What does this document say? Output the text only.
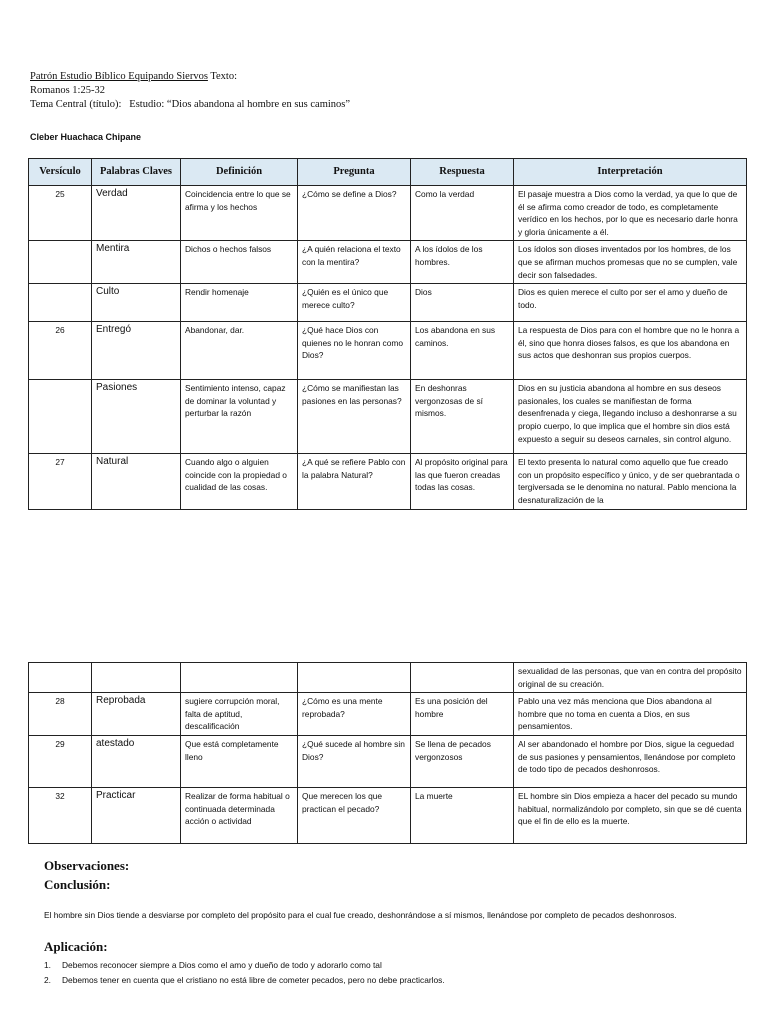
Patrón Estudio Bíblico Equipando Siervos Texto:
Romanos 1:25-32
Tema Central (título): Estudio: “Dios abandona al hombre en sus caminos”
Cleber Huachaca Chipane
Versículo	Palabras Claves	Definición	Pregunta	Respuesta	Interpretación
25	Verdad	Coincidencia entre lo que se afirma y los hechos	¿Cómo se define a Dios?	Como la verdad	El pasaje muestra a Dios como la verdad, ya que lo que de él se afirma como creador de todo, es completamente verídico en los hechos, por lo que es necesario darle honra y gloria únicamente a él.
	Mentira	Dichos o hechos falsos	¿A quién relaciona el texto con la mentira?	A los ídolos de los hombres.	Los ídolos son dioses inventados por los hombres, de los que se afirman muchos promesas que no se cumplen, vale decir son falsedades.
	Culto	Rendir homenaje	¿Quién es el único que merece culto?	Dios	Dios es quien merece el culto por ser el amo y dueño de todo.
26	Entregó	Abandonar, dar.	¿Qué hace Dios con quienes no le honran como Dios?	Los abandona en sus caminos.	La respuesta de Dios para con el hombre que no le honra a él, sino que honra dioses falsos, es que los abandona en sus actos que deshonran sus propios cuerpos.
	Pasiones	Sentimiento intenso, capaz de dominar la voluntad y perturbar la razón	¿Cómo se manifiestan las pasiones en las personas?	En deshonras vergonzosas de sí mismos.	Dios en su justicia abandona al hombre en sus deseos pasionales, los cuales se manifiestan de forma desenfrenada y ciega, llegando incluso a deshonrarse a su propio cuerpo, lo que implica que el hombre sin dios está expuesto a seguir su deseos carnales, sin control alguno.
27	Natural	Cuando algo o alguien coincide con la propiedad o cualidad de las cosas.	¿A qué se refiere Pablo con la palabra Natural?	Al propósito original para las que fueron creadas todas las cosas.	El texto presenta lo natural como aquello que fue creado con un propósito específico y único, y de ser quebrantada o tergiversada se le denomina no natural. Pablo menciona la desnaturalización de la
					sexualidad de las personas, que van en contra del propósito original de su creación.
28	Reprobada	sugiere corrupción moral, falta de aptitud, descalificación	¿Cómo es una mente reprobada?	Es una posición del hombre	Pablo una vez más menciona que Dios abandona al hombre que no toma en cuenta a Dios, en sus pensamientos.
29	atestado	Que está completamente lleno	¿Qué sucede al hombre sin Dios?	Se llena de pecados vergonzosos	Al ser abandonado el hombre por Dios, sigue la ceguedad de sus pasiones y pensamientos, llenándose por completo de todo tipo de pecados deshonrosos.
32	Practicar	Realizar de forma habitual o continuada determinada acción o actividad	Que merecen los que practican el pecado?	La muerte	EL hombre sin Dios empieza a hacer del pecado su mundo habitual, normalizándolo por completo, sin que se dé cuenta que el fin de ello es la muerte.
Observaciones:
Conclusión:
El hombre sin Dios tiende a desviarse por completo del propósito para el cual fue creado, deshonrándose a sí mismos, llenándose por completo de pecados deshonrosos.
Aplicación:
1. Debemos reconocer siempre a Dios como el amo y dueño de todo y adorarlo como tal
2. Debemos tener en cuenta que el cristiano no está libre de cometer pecados, pero no debe practicarlos.
